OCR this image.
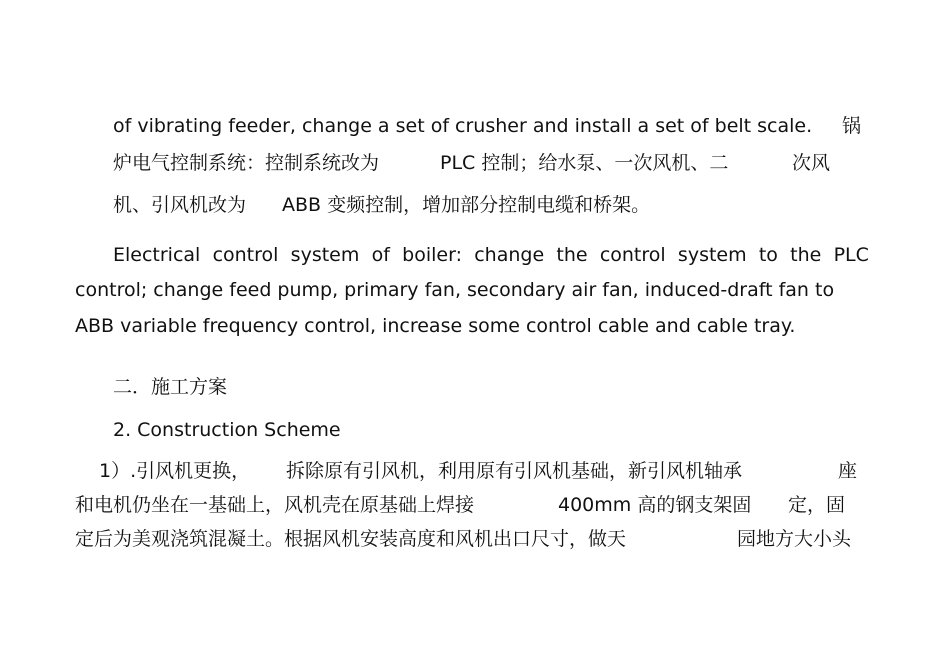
of vibrating feeder, change a set of crusher and install a set of belt scale. 锅
炉电气控制系统：控制系统改为	PLC 控制；给水泵、一次风机、二	次风
机、引风机改为 ABB 变频控制，增加部分控制电缆和桥架。
Electrical control system of boiler: change the control system to the PLC
control; change feed pump, primary fan, secondary air fan, induced-draft fan to
ABB variable frequency control, increase some control cable and cable tray.
二．施工方案
2. Construction Scheme
1）.引风机更换， 拆除原有引风机，利用原有引风机基础，新引风机轴承	座
和电机仍坐在一基础上，风机壳在原基础上焊接	400mm 高的钢支架固 定，固
定后为美观浇筑混凝土。根据风机安装高度和风机出口尺寸，做天	园地方大小头
